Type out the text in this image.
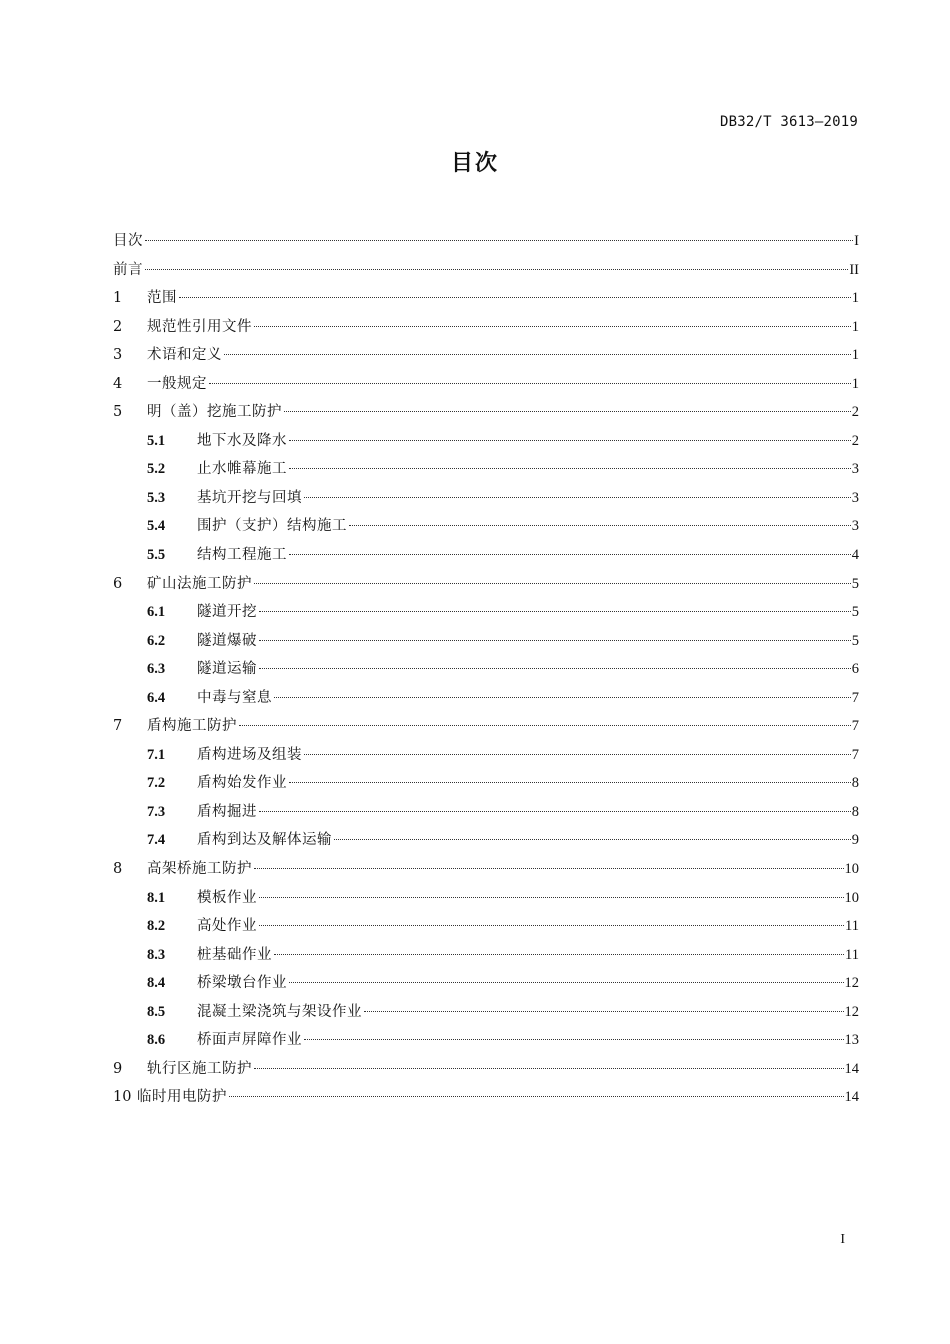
DB32/T 3613—2019
目次
目次	I
前言	II
1	范围	1
2	规范性引用文件	1
3	术语和定义	1
4	一般规定	1
5	明（盖）挖施工防护	2
5.1	地下水及降水	2
5.2	止水帷幕施工	3
5.3	基坑开挖与回填	3
5.4	围护（支护）结构施工	3
5.5	结构工程施工	4
6	矿山法施工防护	5
6.1	隧道开挖	5
6.2	隧道爆破	5
6.3	隧道运输	6
6.4	中毒与窒息	7
7	盾构施工防护	7
7.1	盾构进场及组装	7
7.2	盾构始发作业	8
7.3	盾构掘进	8
7.4	盾构到达及解体运输	9
8	高架桥施工防护	10
8.1	模板作业	10
8.2	高处作业	11
8.3	桩基础作业	11
8.4	桥梁墩台作业	12
8.5	混凝土梁浇筑与架设作业	12
8.6	桥面声屏障作业	13
9	轨行区施工防护	14
10 临时用电防护	14
I
